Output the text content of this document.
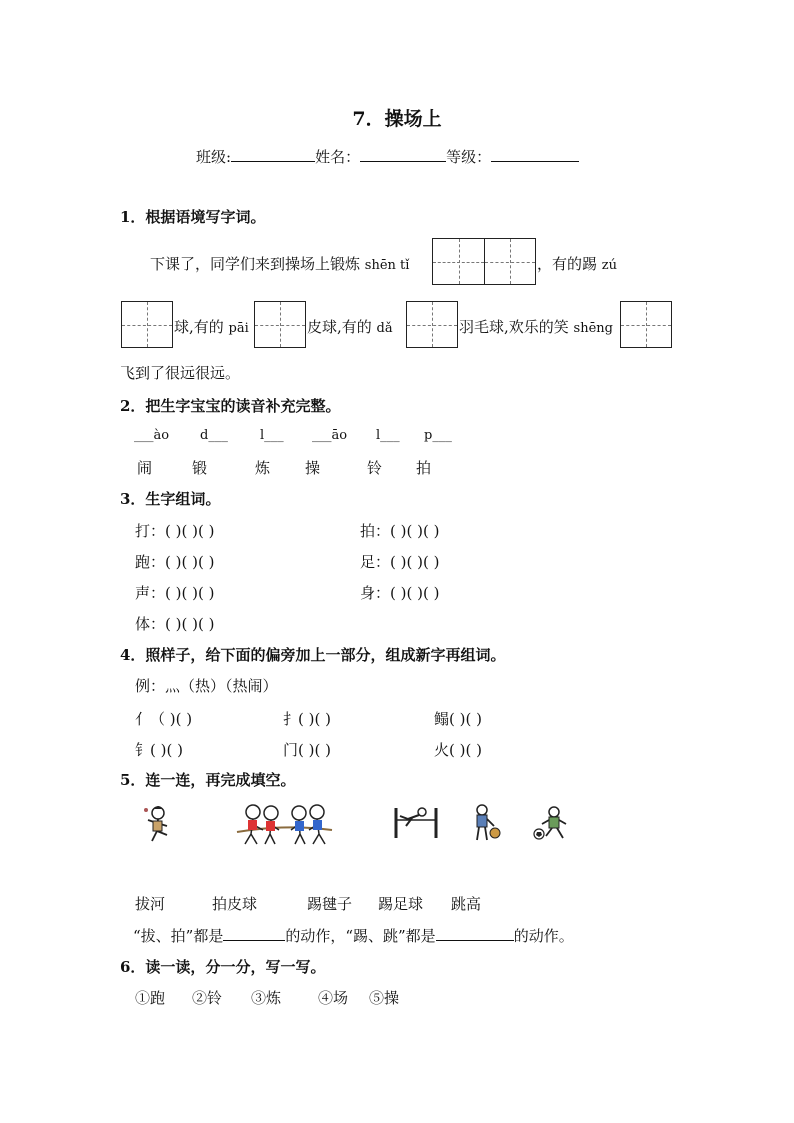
7．操场上
班级:	姓名：	等级：
1．根据语境写字词。
下课了，同学们来到操场上锻炼 shēn tǐ	，有的踢 zú
球,有的 pāi	皮球,有的 dǎ	羽毛球,欢乐的笑 shēng
飞到了很远很远。
2．把生字宝宝的读音补充完整。
___ào d___ l___ ___āo l___ p___
闹	锻	炼 操	铃 拍
3．生字组词。
打：( )( )( )	拍：( )( )( )
跑：( )( )( )	足：( )( )( )
声：( )( )( )	身：( )( )( )
体：( )( )( )
4．照样子，给下面的偏旁加上一部分，组成新字再组词。
例：灬（热）（热闹）
亻（ )( )	扌( )( )	鳎( )( )
钅( )( )	门( )( )	火( )( )
5．连一连，再完成填空。
拔河	拍皮球	踢毽子 踢足球 跳高
“拔、拍”都是	的动作，“踢、跳”都是	的动作。
6．读一读，分一分，写一写。
①跑 ②铃 ③炼 ④场 ⑤操
